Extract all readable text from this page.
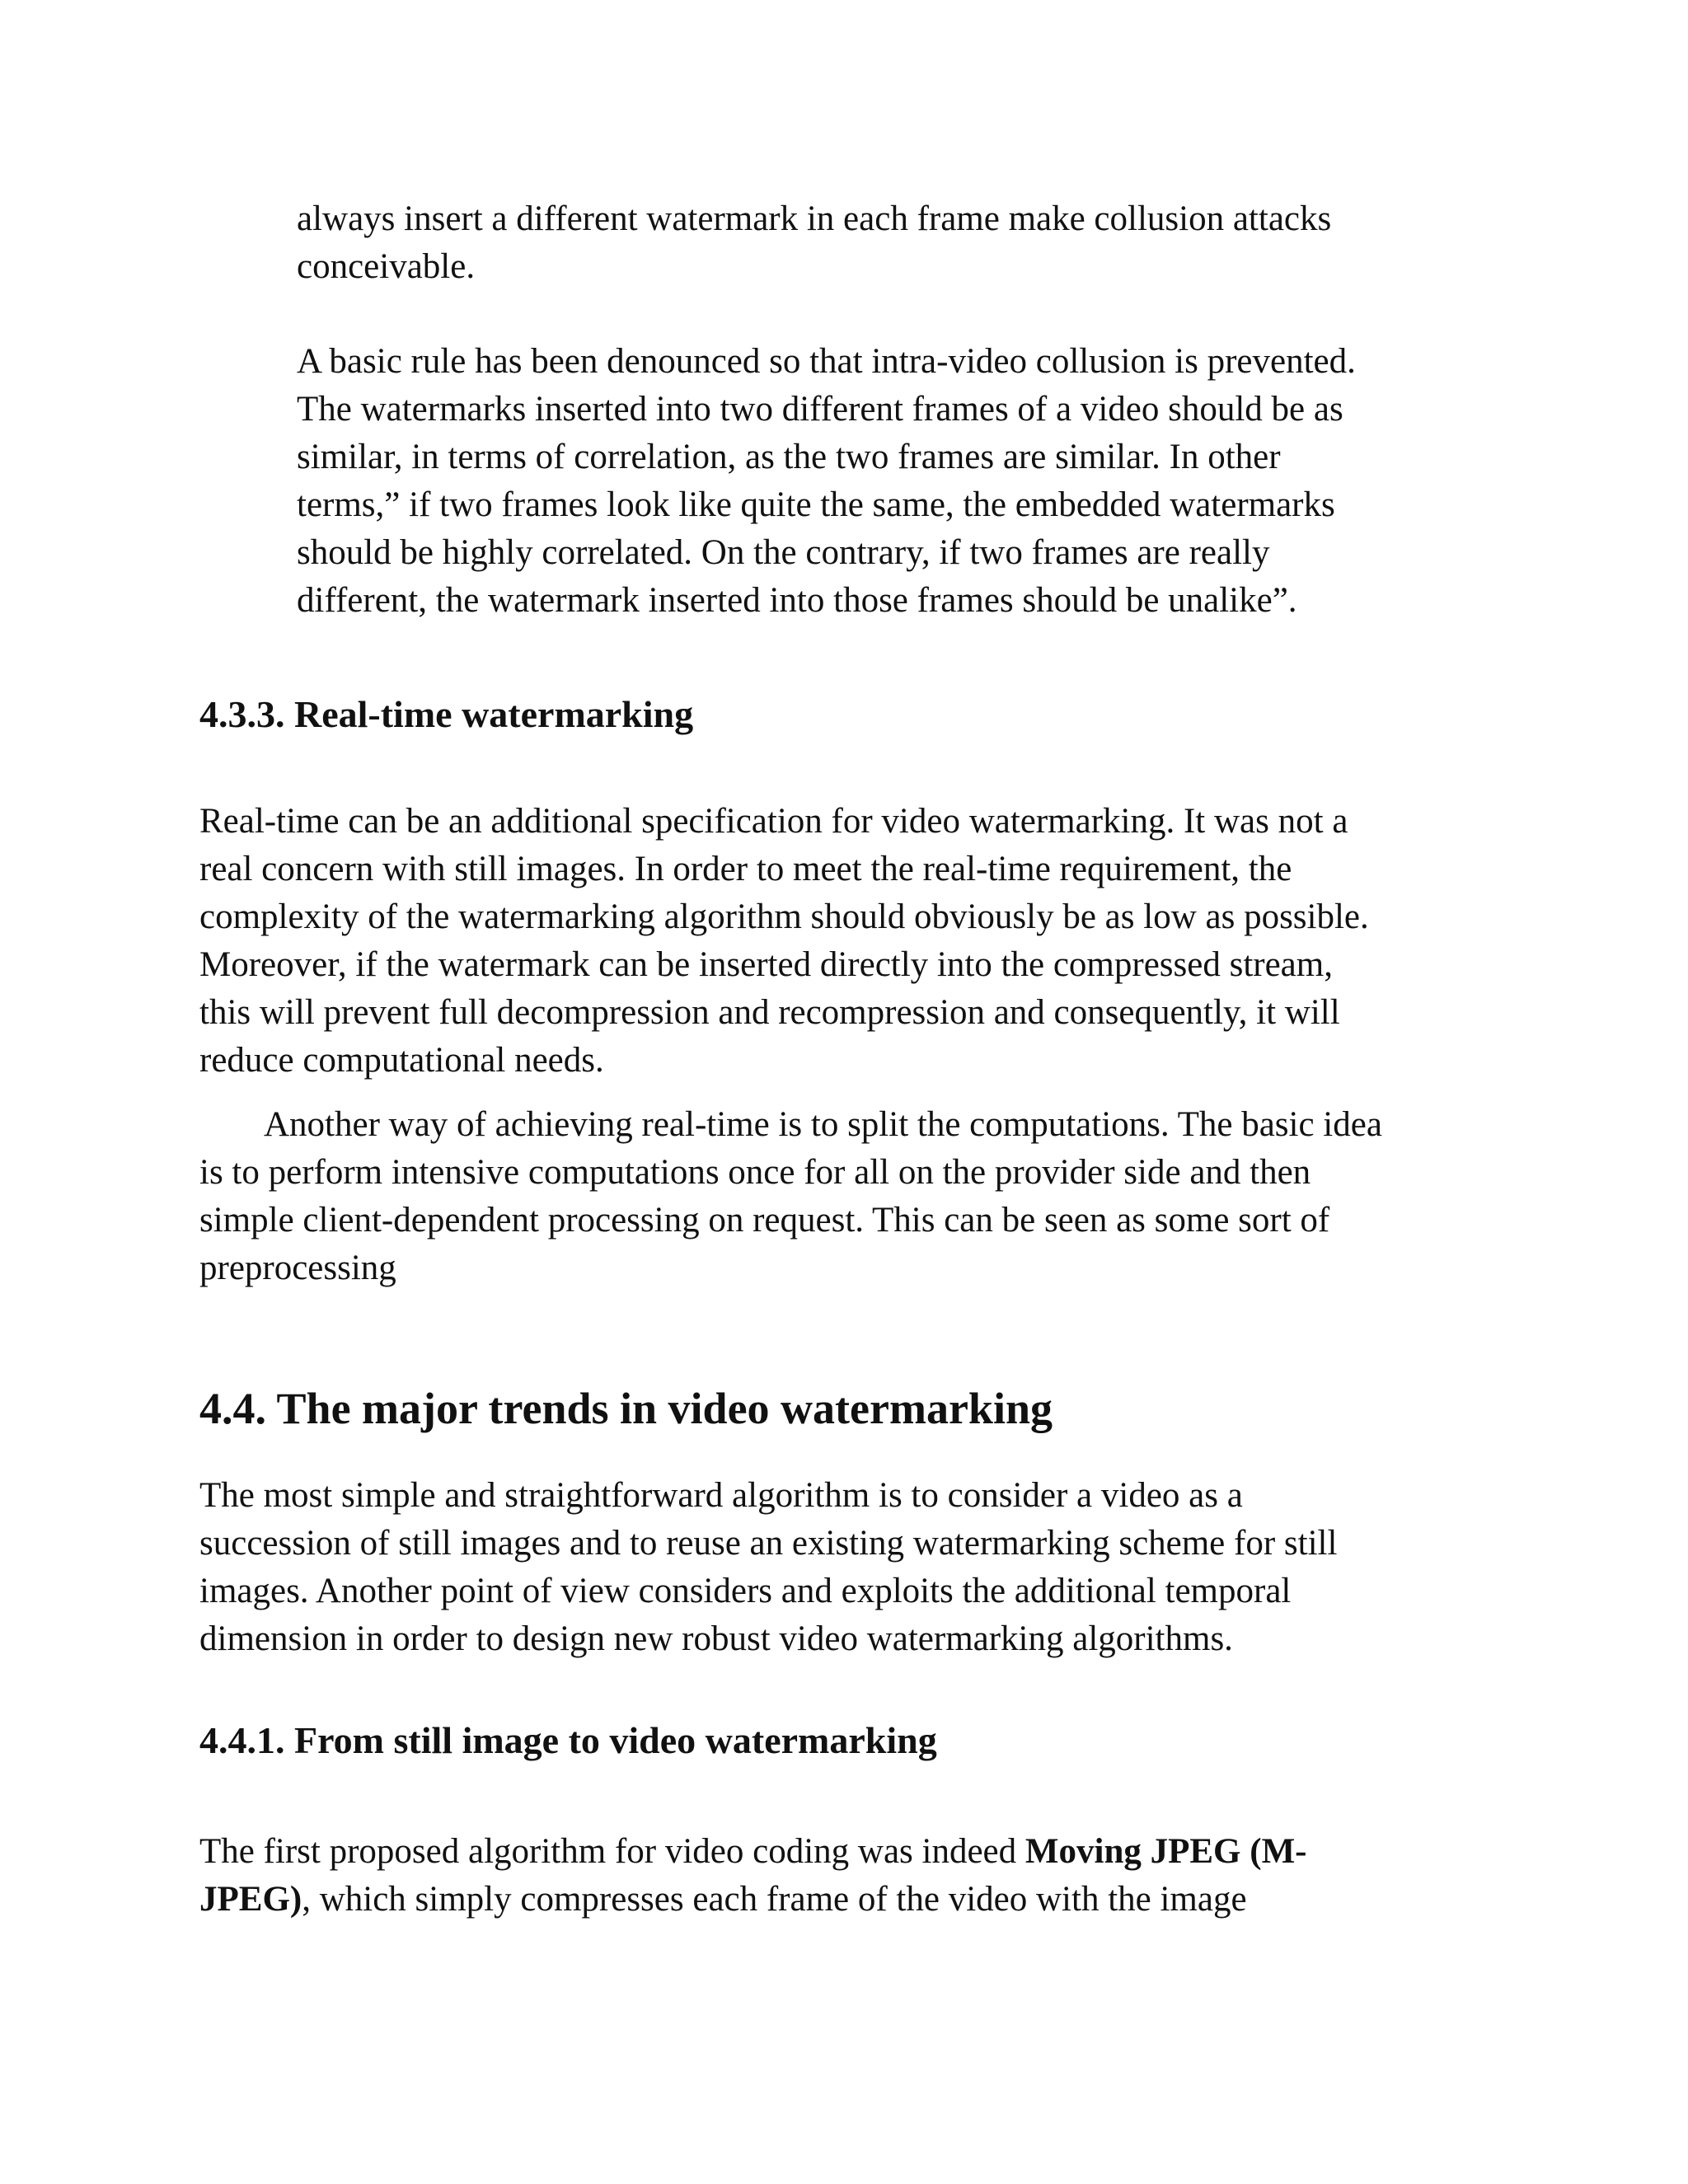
always insert a different watermark in each frame make collusion attacks
conceivable.

A basic rule has been denounced so that intra-video collusion is prevented.
The watermarks inserted into two different frames of a video should be as
similar, in terms of correlation, as the two frames are similar. In other
terms,” if two frames look like quite the same, the embedded watermarks
should be highly correlated. On the contrary, if two frames are really
different, the watermark inserted into those frames should be unalike”.

4.3.3. Real-time watermarking

Real-time can be an additional specification for video watermarking. It was not a
real concern with still images. In order to meet the real-time requirement, the
complexity of the watermarking algorithm should obviously be as low as possible.
Moreover, if the watermark can be inserted directly into the compressed stream,
this will prevent full decompression and recompression and consequently, it will
reduce computational needs.

Another way of achieving real-time is to split the computations. The basic idea
is to perform intensive computations once for all on the provider side and then
simple client-dependent processing on request. This can be seen as some sort of
preprocessing

4.4. The major trends in video watermarking

The most simple and straightforward algorithm is to consider a video as a
succession of still images and to reuse an existing watermarking scheme for still
images. Another point of view considers and exploits the additional temporal
dimension in order to design new robust video watermarking algorithms.

4.4.1. From still image to video watermarking

The first proposed algorithm for video coding was indeed Moving JPEG (M-
JPEG), which simply compresses each frame of the video with the image
